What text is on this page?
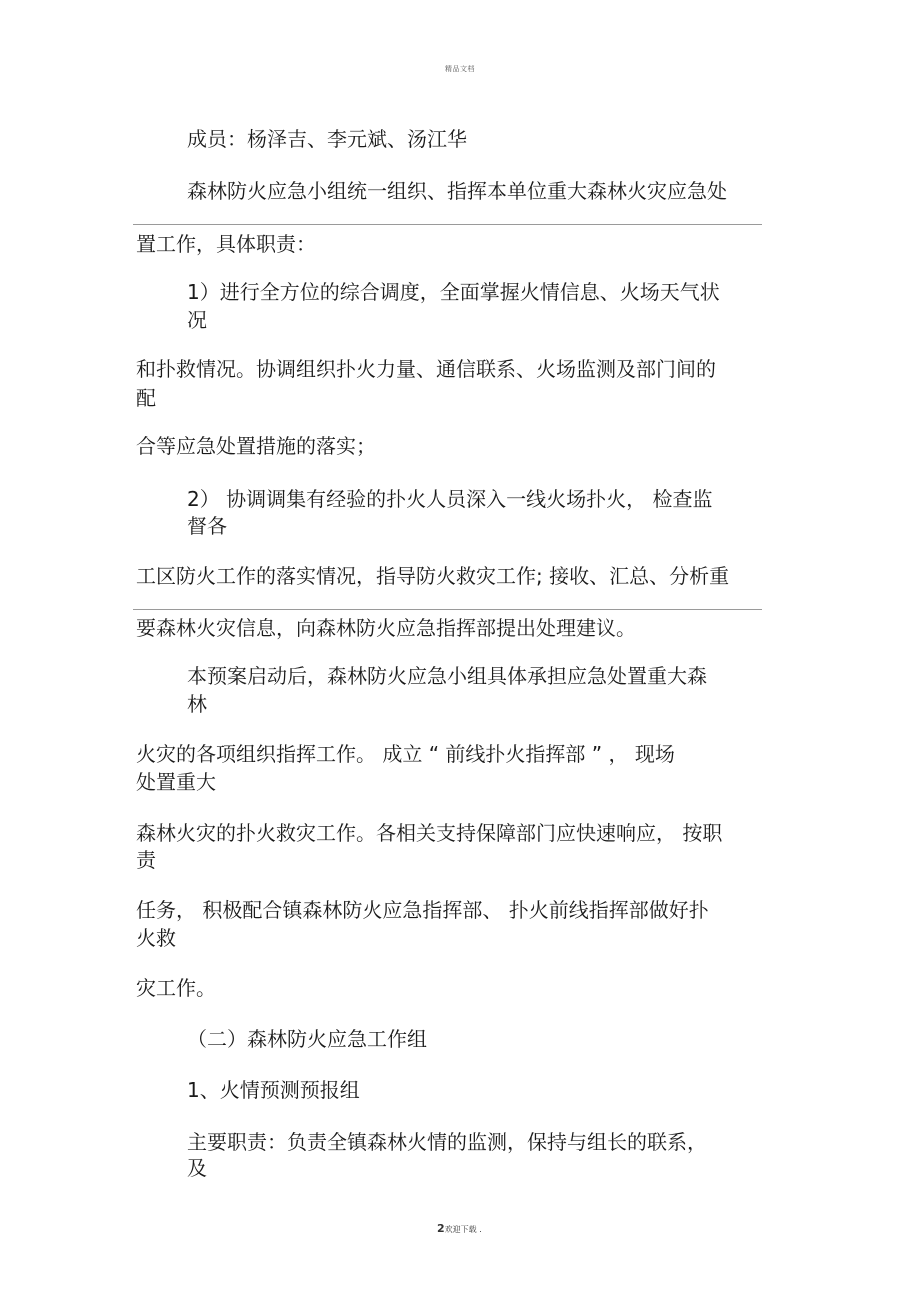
精品文档
成员：杨泽吉、李元斌、汤江华
森林防火应急小组统一组织、指挥本单位重大森林火灾应急处
置工作，具体职责：
1）进行全方位的综合调度，全面掌握火情信息、火场天气状
况
和扑救情况。协调组织扑火力量、通信联系、火场监测及部门间的
配
合等应急处置措施的落实；
2） 协调调集有经验的扑火人员深入一线火场扑火， 检查监
督各
工区防火工作的落实情况，指导防火救灾工作; 接收、汇总、分析重
要森林火灾信息，向森林防火应急指挥部提出处理建议。
本预案启动后，森林防火应急小组具体承担应急处置重大森
林
火灾的各项组织指挥工作。 成立 “ 前线扑火指挥部 ” ， 现场
处置重大
森林火灾的扑火救灾工作。各相关支持保障部门应快速响应， 按职
责
任务， 积极配合镇森林防火应急指挥部、 扑火前线指挥部做好扑
火救
灾工作。
（二）森林防火应急工作组
1、火情预测预报组
主要职责：负责全镇森林火情的监测，保持与组长的联系，
及
2欢迎下载 .
